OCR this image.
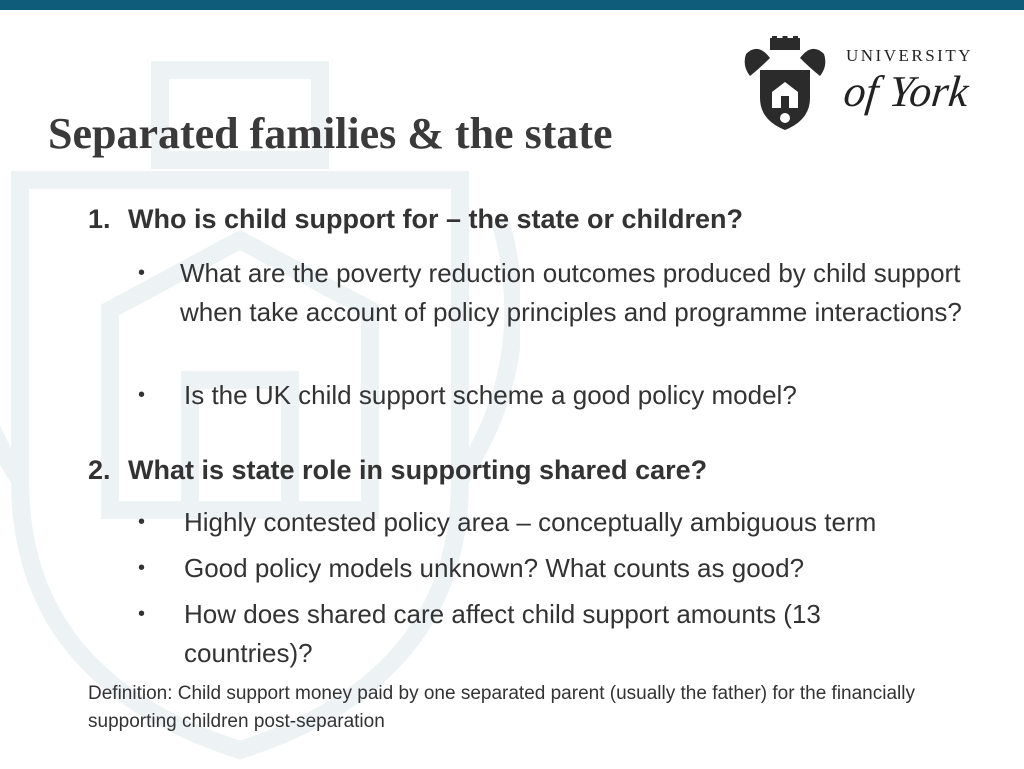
UNIVERSITY
of York
Separated families & the state
1. Who is child support for – the state or children?
• What are the poverty reduction outcomes produced by child support when take account of policy principles and programme interactions?
• Is the UK child support scheme a good policy model?
2. What is state role in supporting shared care?
• Highly contested policy area – conceptually ambiguous term
• Good policy models unknown? What counts as good?
• How does shared care affect child support amounts (13 countries)?
Definition: Child support money paid by one separated parent (usually the father) for the financially supporting children post-separation
